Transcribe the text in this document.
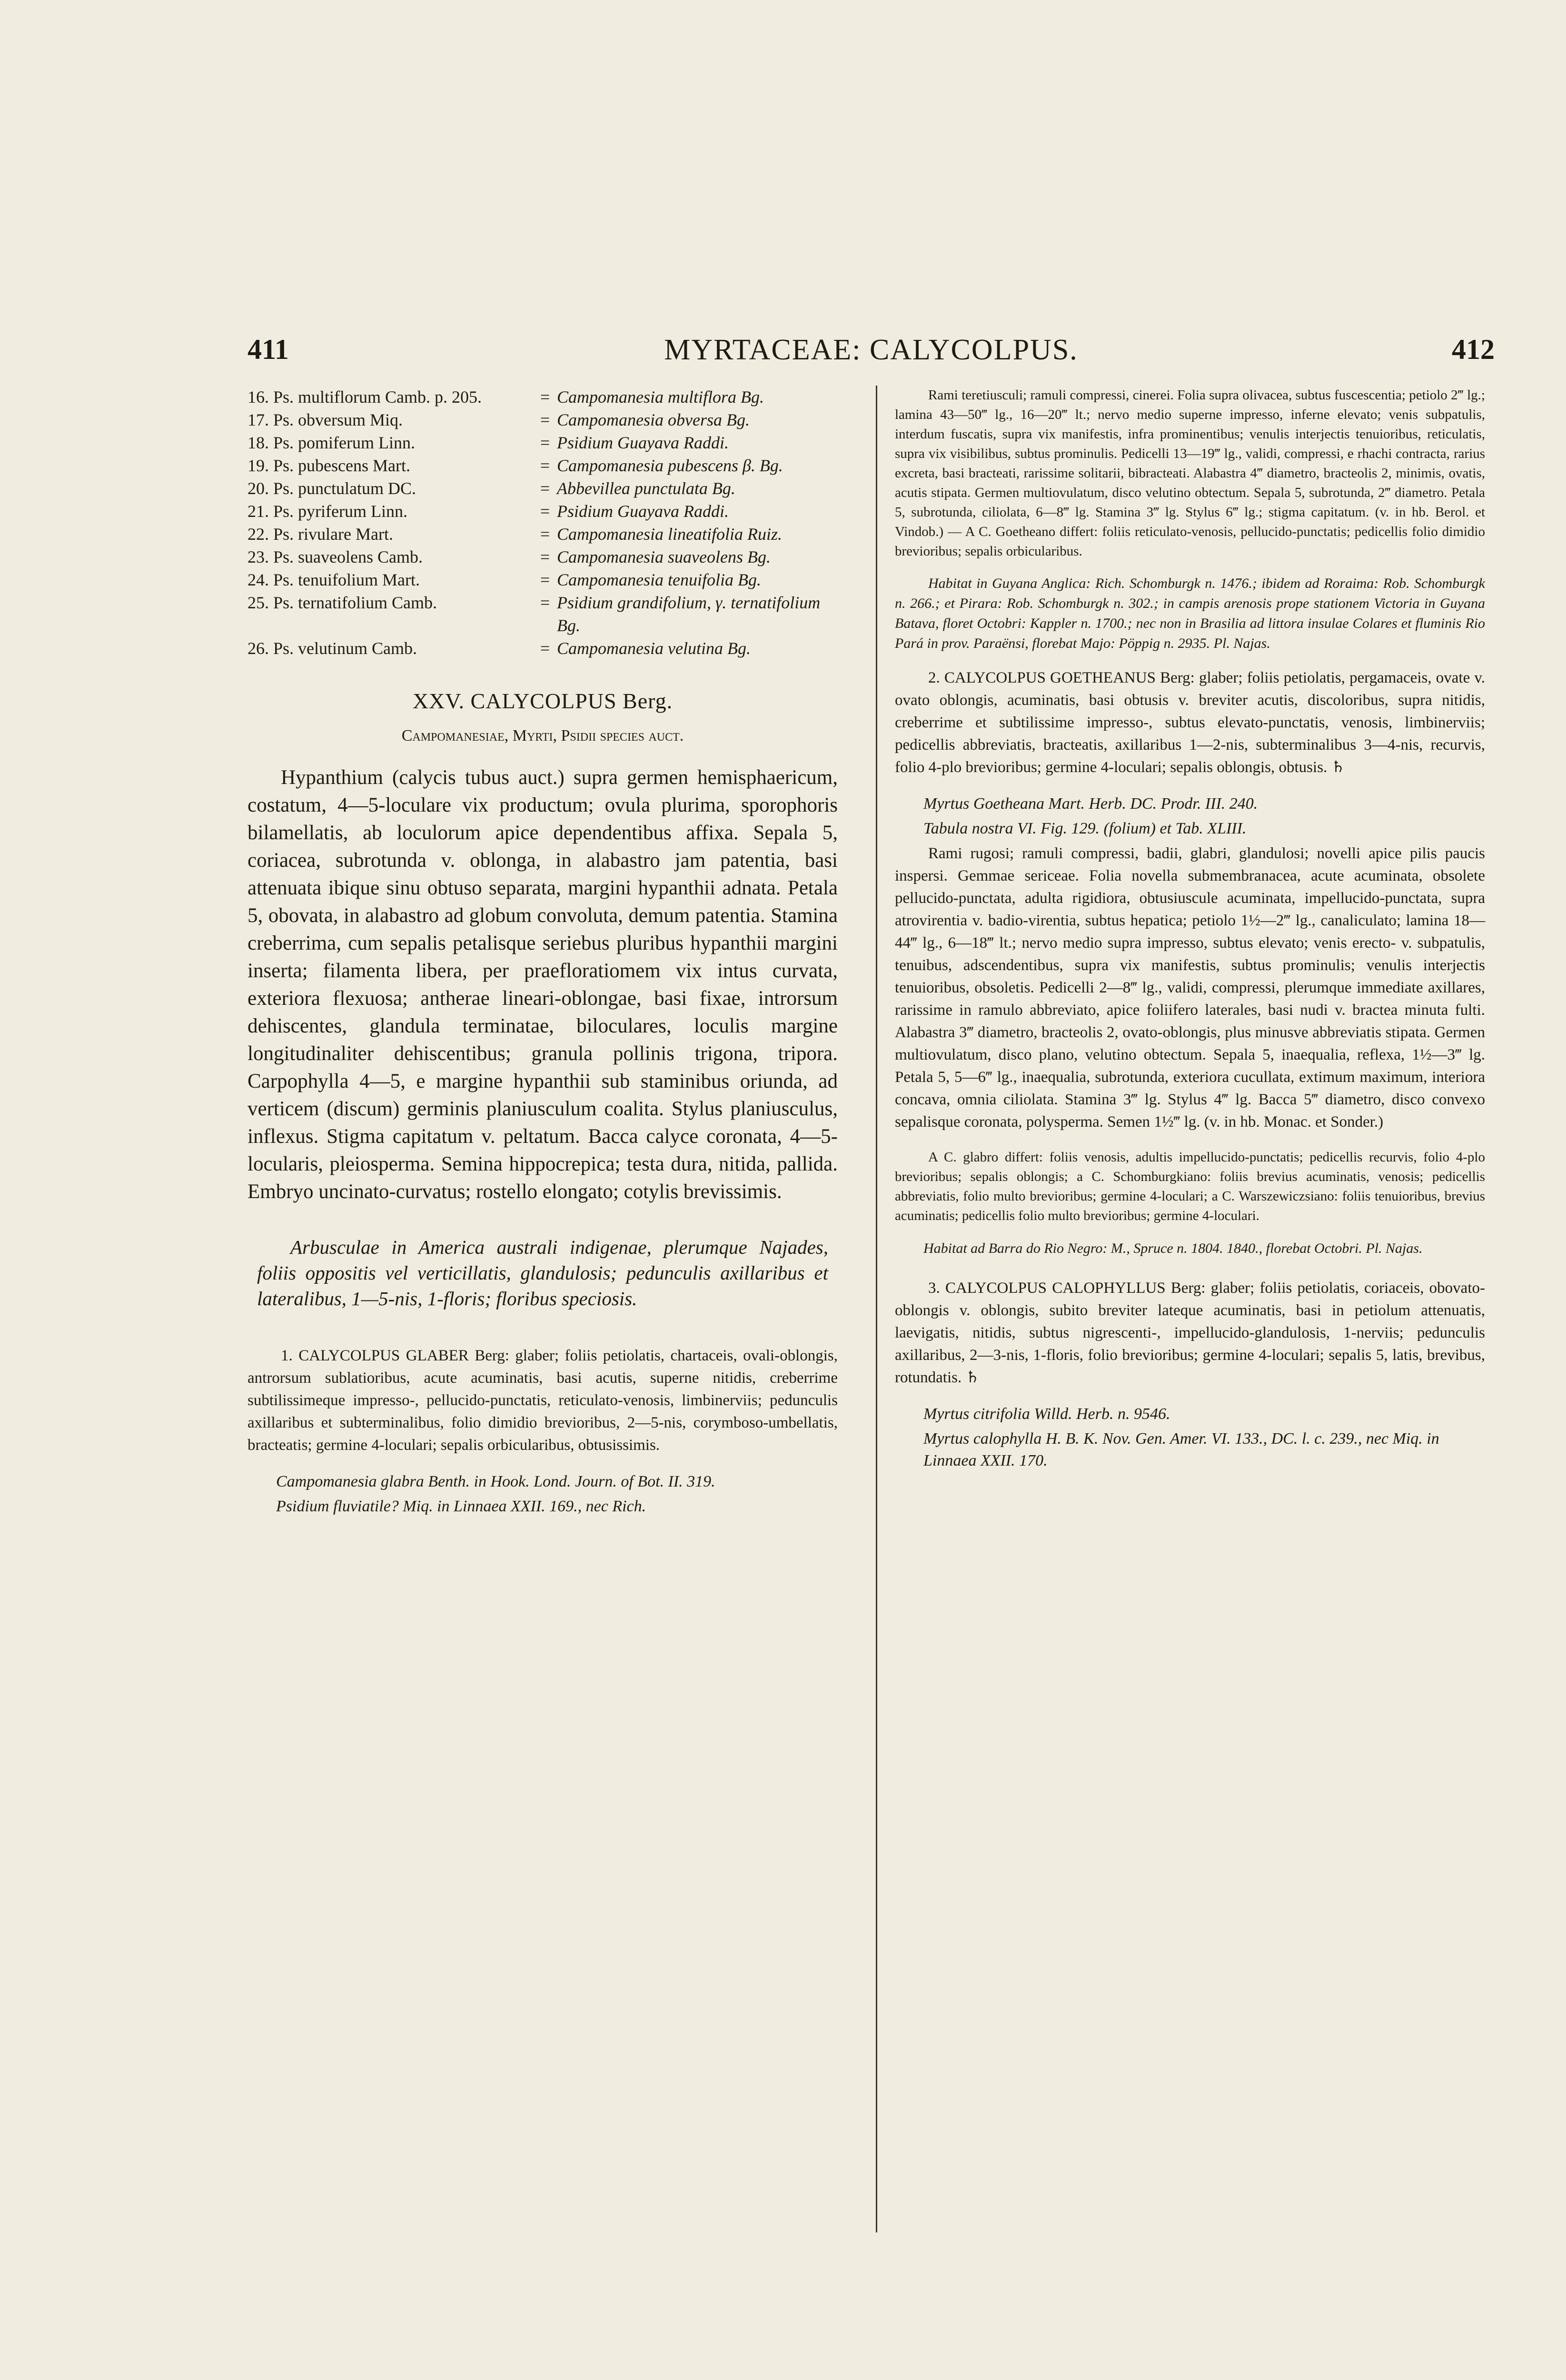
411	MYRTACEAE: CALYCOLPUS.	412
16. Ps. multiflorum Camb. p. 205.	= Campomanesia multiflora Bg.
17. Ps. obversum Miq.	= Campomanesia obversa Bg.
18. Ps. pomiferum Linn.	= Psidium Guayava Raddi.
19. Ps. pubescens Mart.	= Campomanesia pubescens β. Bg.
20. Ps. punctulatum DC.	= Abbevillea punctulata Bg.
21. Ps. pyriferum Linn.	= Psidium Guayava Raddi.
22. Ps. rivulare Mart.	= Campomanesia lineatifolia Ruiz.
23. Ps. suaveolens Camb.	= Campomanesia suaveolens Bg.
24. Ps. tenuifolium Mart.	= Campomanesia tenuifolia Bg.
25. Ps. ternatifolium Camb.	= Psidium grandifolium, γ. ternatifolium Bg.
26. Ps. velutinum Camb.	= Campomanesia velutina Bg.
XXV. CALYCOLPUS Berg.
Campomanesiae, Myrti, Psidii species auct.
Hypanthium (calycis tubus auct.) supra germen hemisphaericum, costatum, 4—5-loculare vix productum; ovula plurima, sporophoris bilamellatis, ab loculorum apice dependentibus affixa. Sepala 5, coriacea, subrotunda v. oblonga, in alabastro jam patentia, basi attenuata ibique sinu obtuso separata, margini hypanthii adnata. Petala 5, obovata, in alabastro ad globum convoluta, demum patentia. Stamina creberrima, cum sepalis petalisque seriebus pluribus hypanthii margini inserta; filamenta libera, per praefloratiomem vix intus curvata, exteriora flexuosa; antherae lineari-oblongae, basi fixae, introrsum dehiscentes, glandula terminatae, biloculares, loculis margine longitudinaliter dehiscentibus; granula pollinis trigona, tripora. Carpophylla 4—5, e margine hypanthii sub staminibus oriunda, ad verticem (discum) germinis planiusculum coalita. Stylus planiusculus, inflexus. Stigma capitatum v. peltatum. Bacca calyce coronata, 4—5-locularis, pleiosperma. Semina hippocrepica; testa dura, nitida, pallida. Embryo uncinato-curvatus; rostello elongato; cotylis brevissimis.
Arbusculae in America australi indigenae, plerumque Najades, foliis oppositis vel verticillatis, glandulosis; pedunculis axillaribus et lateralibus, 1—5-nis, 1-floris; floribus speciosis.
1. CALYCOLPUS GLABER Berg: glaber; foliis petiolatis, chartaceis, ovali-oblongis, antrorsum sublatioribus, acute acuminatis, basi acutis, superne nitidis, creberrime subtilissimeque impresso-, pellucido-punctatis, reticulato-venosis, limbinerviis; pedunculis axillaribus et subterminalibus, folio dimidio brevioribus, 2—5-nis, corymboso-umbellatis, bracteatis; germine 4-loculari; sepalis orbicularibus, obtusissimis.
Campomanesia glabra Benth. in Hook. Lond. Journ. of Bot. II. 319.
Psidium fluviatile? Miq. in Linnaea XXII. 169., nec Rich.
Rami teretiusculi; ramuli compressi, cinerei. Folia supra olivacea, subtus fuscescentia; petiolo 2‴ lg.; lamina 43—50‴ lg., 16—20‴ lt.; nervo medio superne impresso, inferne elevato; venis subpatulis, interdum fuscatis, supra vix manifestis, infra prominentibus; venulis interjectis tenuioribus, reticulatis, supra vix visibilibus, subtus prominulis. Pedicelli 13—19‴ lg., validi, compressi, e rhachi contracta, rarius excreta, basi bracteati, rarissime solitarii, bibracteati. Alabastra 4‴ diametro, bracteolis 2, minimis, ovatis, acutis stipata. Germen multiovulatum, disco velutino obtectum. Sepala 5, subrotunda, 2‴ diametro. Petala 5, subrotunda, ciliolata, 6—8‴ lg. Stamina 3‴ lg. Stylus 6‴ lg.; stigma capitatum. (v. in hb. Berol. et Vindob.) — A C. Goetheano differt: foliis reticulato-venosis, pellucido-punctatis; pedicellis folio dimidio brevioribus; sepalis orbicularibus.
Habitat in Guyana Anglica: Rich. Schomburgk n. 1476.; ibidem ad Roraima: Rob. Schomburgk n. 266.; et Pirara: Rob. Schomburgk n. 302.; in campis arenosis prope stationem Victoria in Guyana Batava, floret Octobri: Kappler n. 1700.; nec non in Brasilia ad littora insulae Colares et fluminis Rio Pará in prov. Paraënsi, florebat Majo: Pöppig n. 2935. Pl. Najas.
2. CALYCOLPUS GOETHEANUS Berg: glaber; foliis petiolatis, pergamaceis, ovate v. ovato oblongis, acuminatis, basi obtusis v. breviter acutis, discoloribus, supra nitidis, creberrime et subtilissime impresso-, subtus elevato-punctatis, venosis, limbinerviis; pedicellis abbreviatis, bracteatis, axillaribus 1—2-nis, subterminalibus 3—4-nis, recurvis, folio 4-plo brevioribus; germine 4-loculari; sepalis oblongis, obtusis. ♄
Myrtus Goetheana Mart. Herb. DC. Prodr. III. 240.
Tabula nostra VI. Fig. 129. (folium) et Tab. XLIII.
Rami rugosi; ramuli compressi, badii, glabri, glandulosi; novelli apice pilis paucis inspersi. Gemmae sericeae. Folia novella submembranacea, acute acuminata, obsolete pellucido-punctata, adulta rigidiora, obtusiuscule acuminata, impellucido-punctata, supra atrovirentia v. badio-virentia, subtus hepatica; petiolo 1½—2‴ lg., canaliculato; lamina 18—44‴ lg., 6—18‴ lt.; nervo medio supra impresso, subtus elevato; venis erecto- v. subpatulis, tenuibus, adscendentibus, supra vix manifestis, subtus prominulis; venulis interjectis tenuioribus, obsoletis. Pedicelli 2—8‴ lg., validi, compressi, plerumque immediate axillares, rarissime in ramulo abbreviato, apice foliifero laterales, basi nudi v. bractea minuta fulti. Alabastra 3‴ diametro, bracteolis 2, ovato-oblongis, plus minusve abbreviatis stipata. Germen multiovulatum, disco plano, velutino obtectum. Sepala 5, inaequalia, reflexa, 1½—3‴ lg. Petala 5, 5—6‴ lg., inaequalia, subrotunda, exteriora cucullata, extimum maximum, interiora concava, omnia ciliolata. Stamina 3‴ lg. Stylus 4‴ lg. Bacca 5‴ diametro, disco convexo sepalisque coronata, polysperma. Semen 1½‴ lg. (v. in hb. Monac. et Sonder.)
A C. glabro differt: foliis venosis, adultis impellucido-punctatis; pedicellis recurvis, folio 4-plo brevioribus; sepalis oblongis; a C. Schomburgkiano: foliis brevius acuminatis, venosis; pedicellis abbreviatis, folio multo brevioribus; germine 4-loculari; a C. Warszewiczsiano: foliis tenuioribus, brevius acuminatis; pedicellis folio multo brevioribus; germine 4-loculari.
Habitat ad Barra do Rio Negro: M., Spruce n. 1804. 1840., florebat Octobri. Pl. Najas.
3. CALYCOLPUS CALOPHYLLUS Berg: glaber; foliis petiolatis, coriaceis, obovato-oblongis v. oblongis, subito breviter lateque acuminatis, basi in petiolum attenuatis, laevigatis, nitidis, subtus nigrescenti-, impellucido-glandulosis, 1-nerviis; pedunculis axillaribus, 2—3-nis, 1-floris, folio brevioribus; germine 4-loculari; sepalis 5, latis, brevibus, rotundatis. ♄
Myrtus citrifolia Willd. Herb. n. 9546.
Myrtus calophylla H. B. K. Nov. Gen. Amer. VI. 133., DC. l. c. 239., nec Miq. in Linnaea XXII. 170.
